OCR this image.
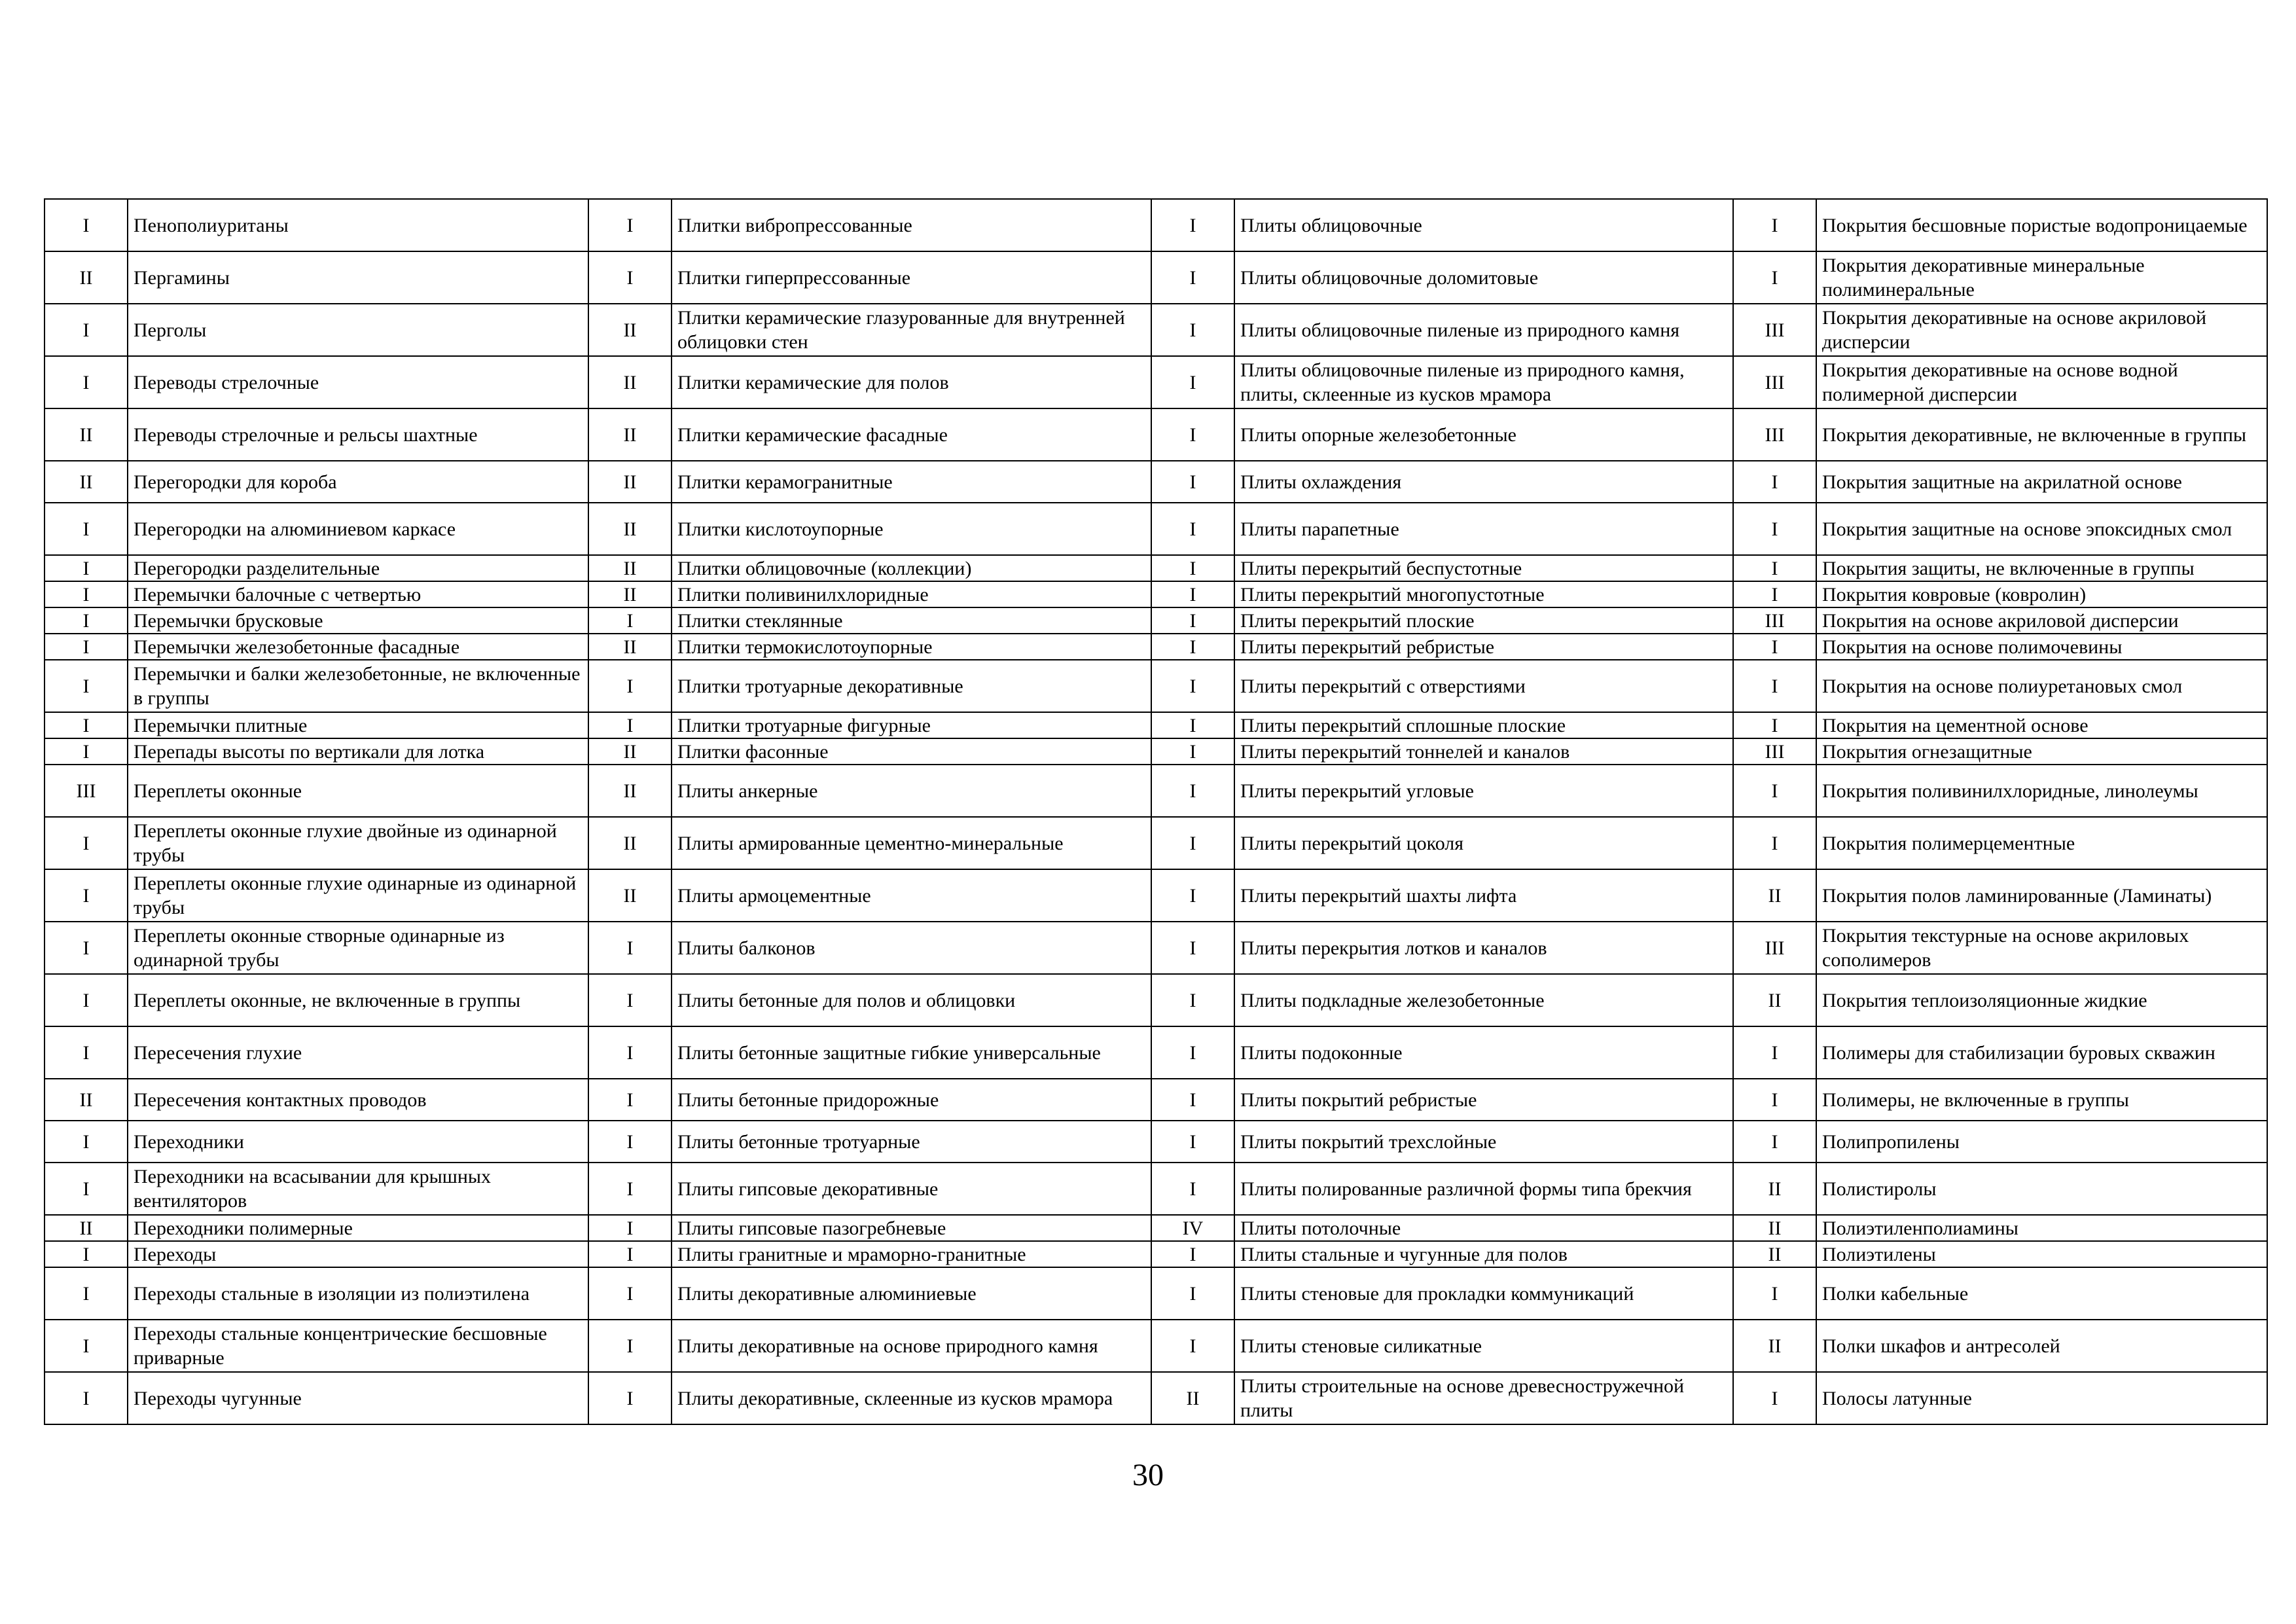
I	Пенополиуританы	I	Плитки вибропрессованные	I	Плиты облицовочные	I	Покрытия бесшовные пористые водопроницаемые
II	Пергамины	I	Плитки гиперпрессованные	I	Плиты облицовочные доломитовые	I	Покрытия декоративные минеральные полиминеральные
I	Перголы	II	Плитки керамические глазурованные для внутренней облицовки стен	I	Плиты облицовочные пиленые из природного камня	III	Покрытия декоративные на основе акриловой дисперсии
I	Переводы стрелочные	II	Плитки керамические для полов	I	Плиты облицовочные пиленые из природного камня, плиты, склеенные из кусков мрамора	III	Покрытия декоративные на основе водной полимерной дисперсии
II	Переводы стрелочные и рельсы шахтные	II	Плитки керамические фасадные	I	Плиты опорные железобетонные	III	Покрытия декоративные, не включенные в группы
II	Перегородки для короба	II	Плитки керамогранитные	I	Плиты охлаждения	I	Покрытия защитные на акрилатной основе
I	Перегородки на алюминиевом каркасе	II	Плитки кислотоупорные	I	Плиты парапетные	I	Покрытия защитные на основе эпоксидных смол
I	Перегородки разделительные	II	Плитки облицовочные (коллекции)	I	Плиты перекрытий беспустотные	I	Покрытия защиты, не включенные в группы
I	Перемычки балочные с четвертью	II	Плитки поливинилхлоридные	I	Плиты перекрытий многопустотные	I	Покрытия ковровые (ковролин)
I	Перемычки брусковые	I	Плитки стеклянные	I	Плиты перекрытий плоские	III	Покрытия на основе акриловой дисперсии
I	Перемычки железобетонные фасадные	II	Плитки термокислотоупорные	I	Плиты перекрытий ребристые	I	Покрытия на основе полимочевины
I	Перемычки и балки железобетонные, не включенные в группы	I	Плитки тротуарные декоративные	I	Плиты перекрытий с отверстиями	I	Покрытия на основе полиуретановых смол
I	Перемычки плитные	I	Плитки тротуарные фигурные	I	Плиты перекрытий сплошные плоские	I	Покрытия на цементной основе
I	Перепады высоты по вертикали для лотка	II	Плитки фасонные	I	Плиты перекрытий тоннелей и каналов	III	Покрытия огнезащитные
III	Переплеты оконные	II	Плиты анкерные	I	Плиты перекрытий угловые	I	Покрытия поливинилхлоридные, линолеумы
I	Переплеты оконные глухие двойные из одинарной трубы	II	Плиты армированные цементно-минеральные	I	Плиты перекрытий цоколя	I	Покрытия полимерцементные
I	Переплеты оконные глухие одинарные из одинарной трубы	II	Плиты армоцементные	I	Плиты перекрытий шахты лифта	II	Покрытия полов ламинированные (Ламинаты)
I	Переплеты оконные створные одинарные из одинарной трубы	I	Плиты балконов	I	Плиты перекрытия лотков и каналов	III	Покрытия текстурные на основе акриловых сополимеров
I	Переплеты оконные, не включенные в группы	I	Плиты бетонные для полов и облицовки	I	Плиты подкладные железобетонные	II	Покрытия теплоизоляционные жидкие
I	Пересечения глухие	I	Плиты бетонные защитные гибкие универсальные	I	Плиты подоконные	I	Полимеры для стабилизации буровых скважин
II	Пересечения контактных проводов	I	Плиты бетонные придорожные	I	Плиты покрытий ребристые	I	Полимеры, не включенные в группы
I	Переходники	I	Плиты бетонные тротуарные	I	Плиты покрытий трехслойные	I	Полипропилены
I	Переходники на всасывании для крышных вентиляторов	I	Плиты гипсовые декоративные	I	Плиты полированные различной формы типа брекчия	II	Полистиролы
II	Переходники полимерные	I	Плиты гипсовые пазогребневые	IV	Плиты потолочные	II	Полиэтиленполиамины
I	Переходы	I	Плиты гранитные и мраморно-гранитные	I	Плиты стальные и чугунные для полов	II	Полиэтилены
I	Переходы стальные в изоляции из полиэтилена	I	Плиты декоративные алюминиевые	I	Плиты стеновые для прокладки коммуникаций	I	Полки кабельные
I	Переходы стальные концентрические бесшовные приварные	I	Плиты декоративные на основе природного камня	I	Плиты стеновые силикатные	II	Полки шкафов и антресолей
I	Переходы чугунные	I	Плиты декоративные, склеенные из кусков мрамора	II	Плиты строительные на основе древесностружечной плиты	I	Полосы латунные
30
